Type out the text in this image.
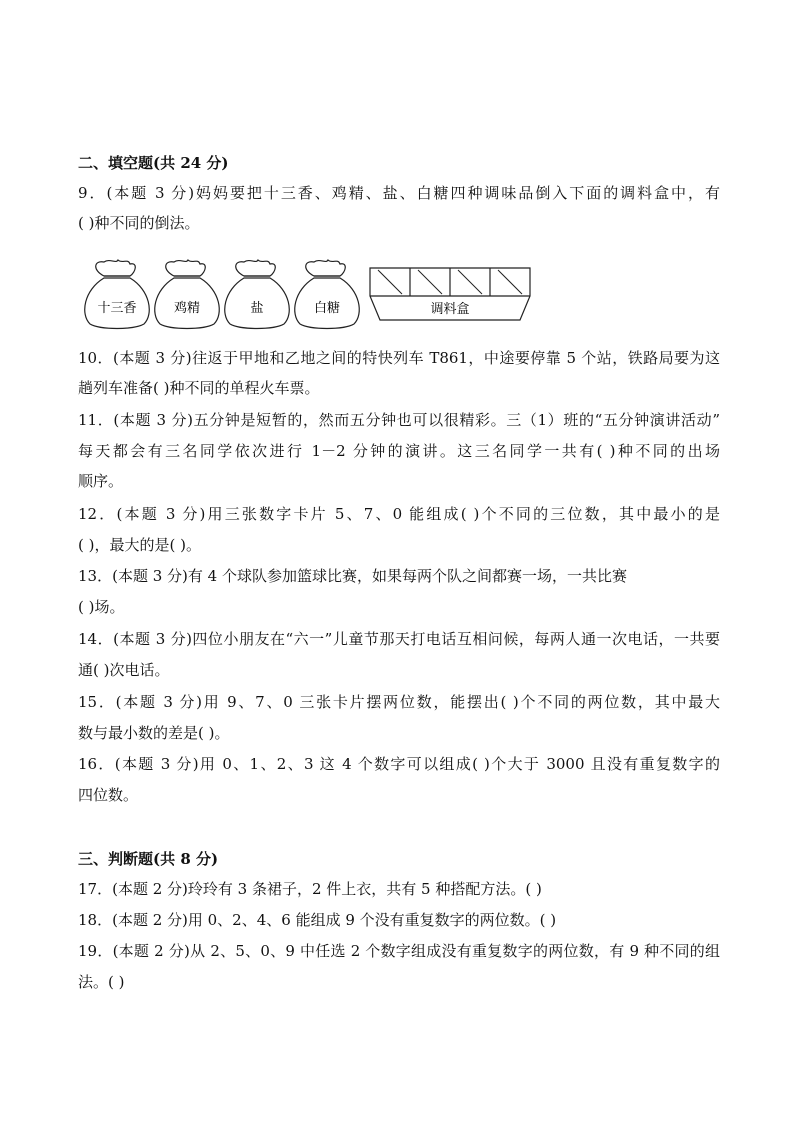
二、填空题(共 24 分)
9．(本题 3 分)妈妈要把十三香、鸡精、盐、白糖四种调味品倒入下面的调料盒中，有
( )种不同的倒法。
十三香	鸡精	盐	白糖	调料盒
10．(本题 3 分)往返于甲地和乙地之间的特快列车 T861，中途要停靠 5 个站，铁路局要为这
趟列车准备( )种不同的单程火车票。
11．(本题 3 分)五分钟是短暂的，然而五分钟也可以很精彩。三（1）班的“五分钟演讲活动”
每天都会有三名同学依次进行 1－2 分钟的演讲。这三名同学一共有( )种不同的出场
顺序。
12．(本题 3 分)用三张数字卡片 5、7、0 能组成( )个不同的三位数，其中最小的是
( )，最大的是( )。
13．(本题 3 分)有 4 个球队参加篮球比赛，如果每两个队之间都赛一场，一共比赛
( )场。
14．(本题 3 分)四位小朋友在“六一”儿童节那天打电话互相问候，每两人通一次电话，一共要
通( )次电话。
15．(本题 3 分)用 9、7、0 三张卡片摆两位数，能摆出( )个不同的两位数，其中最大
数与最小数的差是( )。
16．(本题 3 分)用 0、1、2、3 这 4 个数字可以组成( )个大于 3000 且没有重复数字的
四位数。
三、判断题(共 8 分)
17．(本题 2 分)玲玲有 3 条裙子，2 件上衣，共有 5 种搭配方法。( )
18．(本题 2 分)用 0、2、4、6 能组成 9 个没有重复数字的两位数。( )
19．(本题 2 分)从 2、5、0、9 中任选 2 个数字组成没有重复数字的两位数，有 9 种不同的组
法。( )
